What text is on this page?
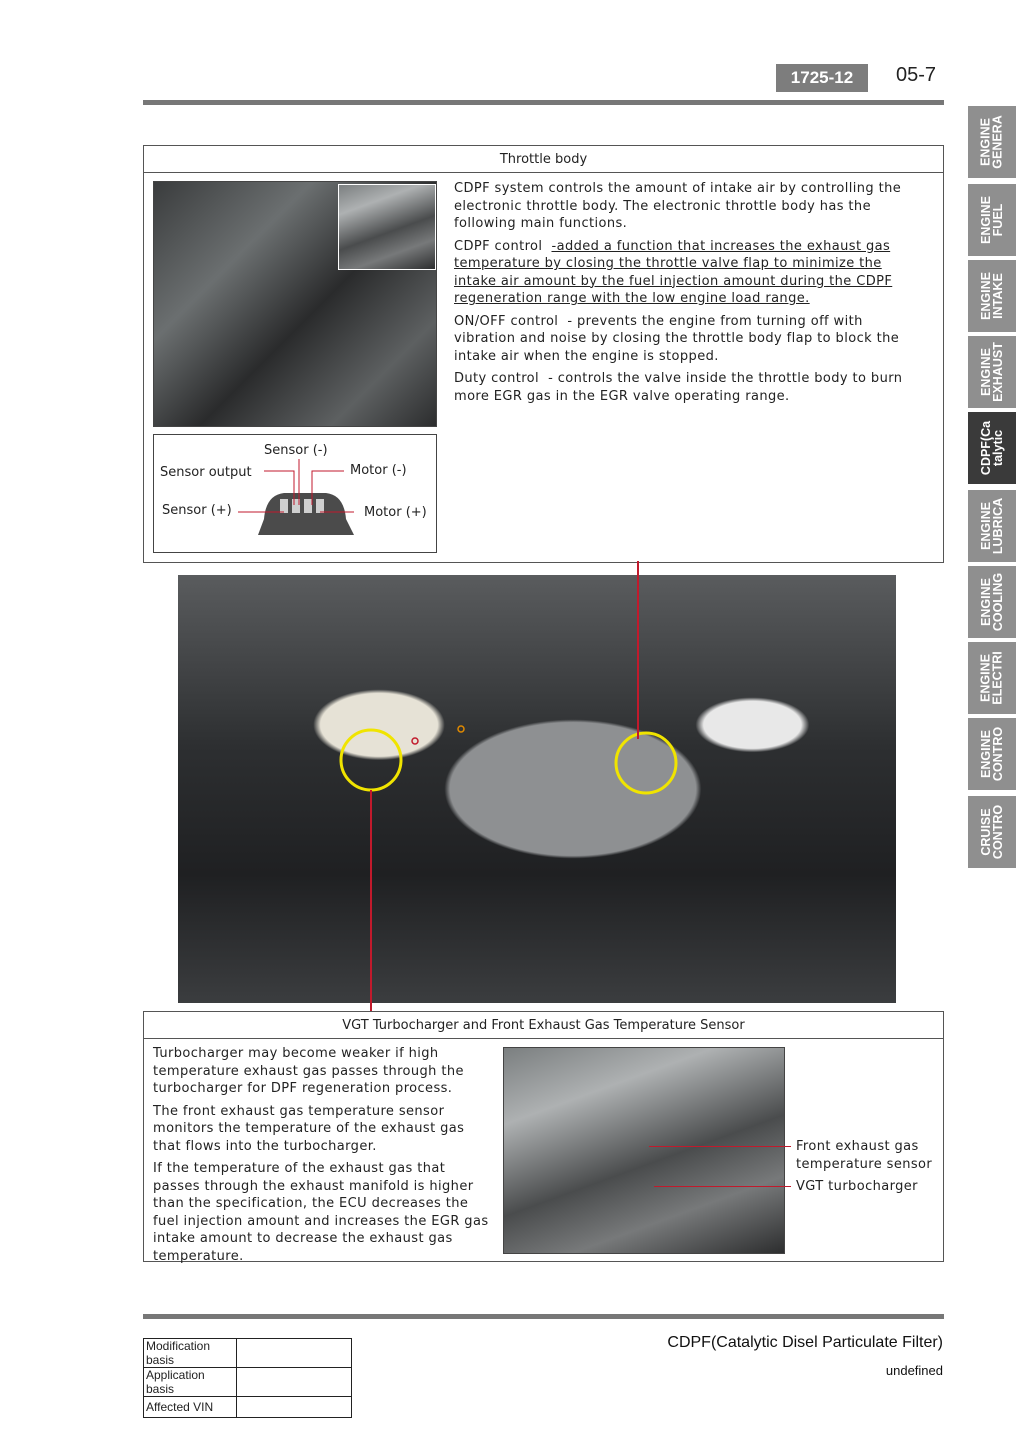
1725-12	05-7
ENGINE
GENERA
ENGINE
FUEL
ENGINE
INTAKE
ENGINE
EXHAUST
CDPF(Ca
talytic
ENGINE
LUBRICA
ENGINE
COOLING
ENGINE
ELECTRI
ENGINE
CONTRO
CRUISE
CONTRO
Throttle body
Sensor (-)
Sensor output	Motor (-)
Sensor (+)	Motor (+)

CDPF system controls the amount of intake air by controlling the electronic throttle body. The electronic throttle body has the following main functions.

CDPF control -added a function that increases the exhaust gas temperature by closing the throttle valve flap to minimize the intake air amount by the fuel injection amount during the CDPF regeneration range with the low engine load range.

ON/OFF control - prevents the engine from turning off with vibration and noise by closing the throttle body flap to block the intake air when the engine is stopped.

Duty control - controls the valve inside the throttle body to burn more EGR gas in the EGR valve operating range.

VGT Turbocharger and Front Exhaust Gas Temperature Sensor

Turbocharger may become weaker if high temperature exhaust gas passes through the turbocharger for DPF regeneration process.

The front exhaust gas temperature sensor monitors the temperature of the exhaust gas that flows into the turbocharger.

If the temperature of the exhaust gas that passes through the exhaust manifold is higher than the specification, the ECU decreases the fuel injection amount and increases the EGR gas intake amount to decrease the exhaust gas temperature.

Front exhaust gas temperature sensor
VGT turbocharger
Modification basis	
Application basis	
Affected VIN	
CDPF(Catalytic Disel Particulate Filter)
undefined
